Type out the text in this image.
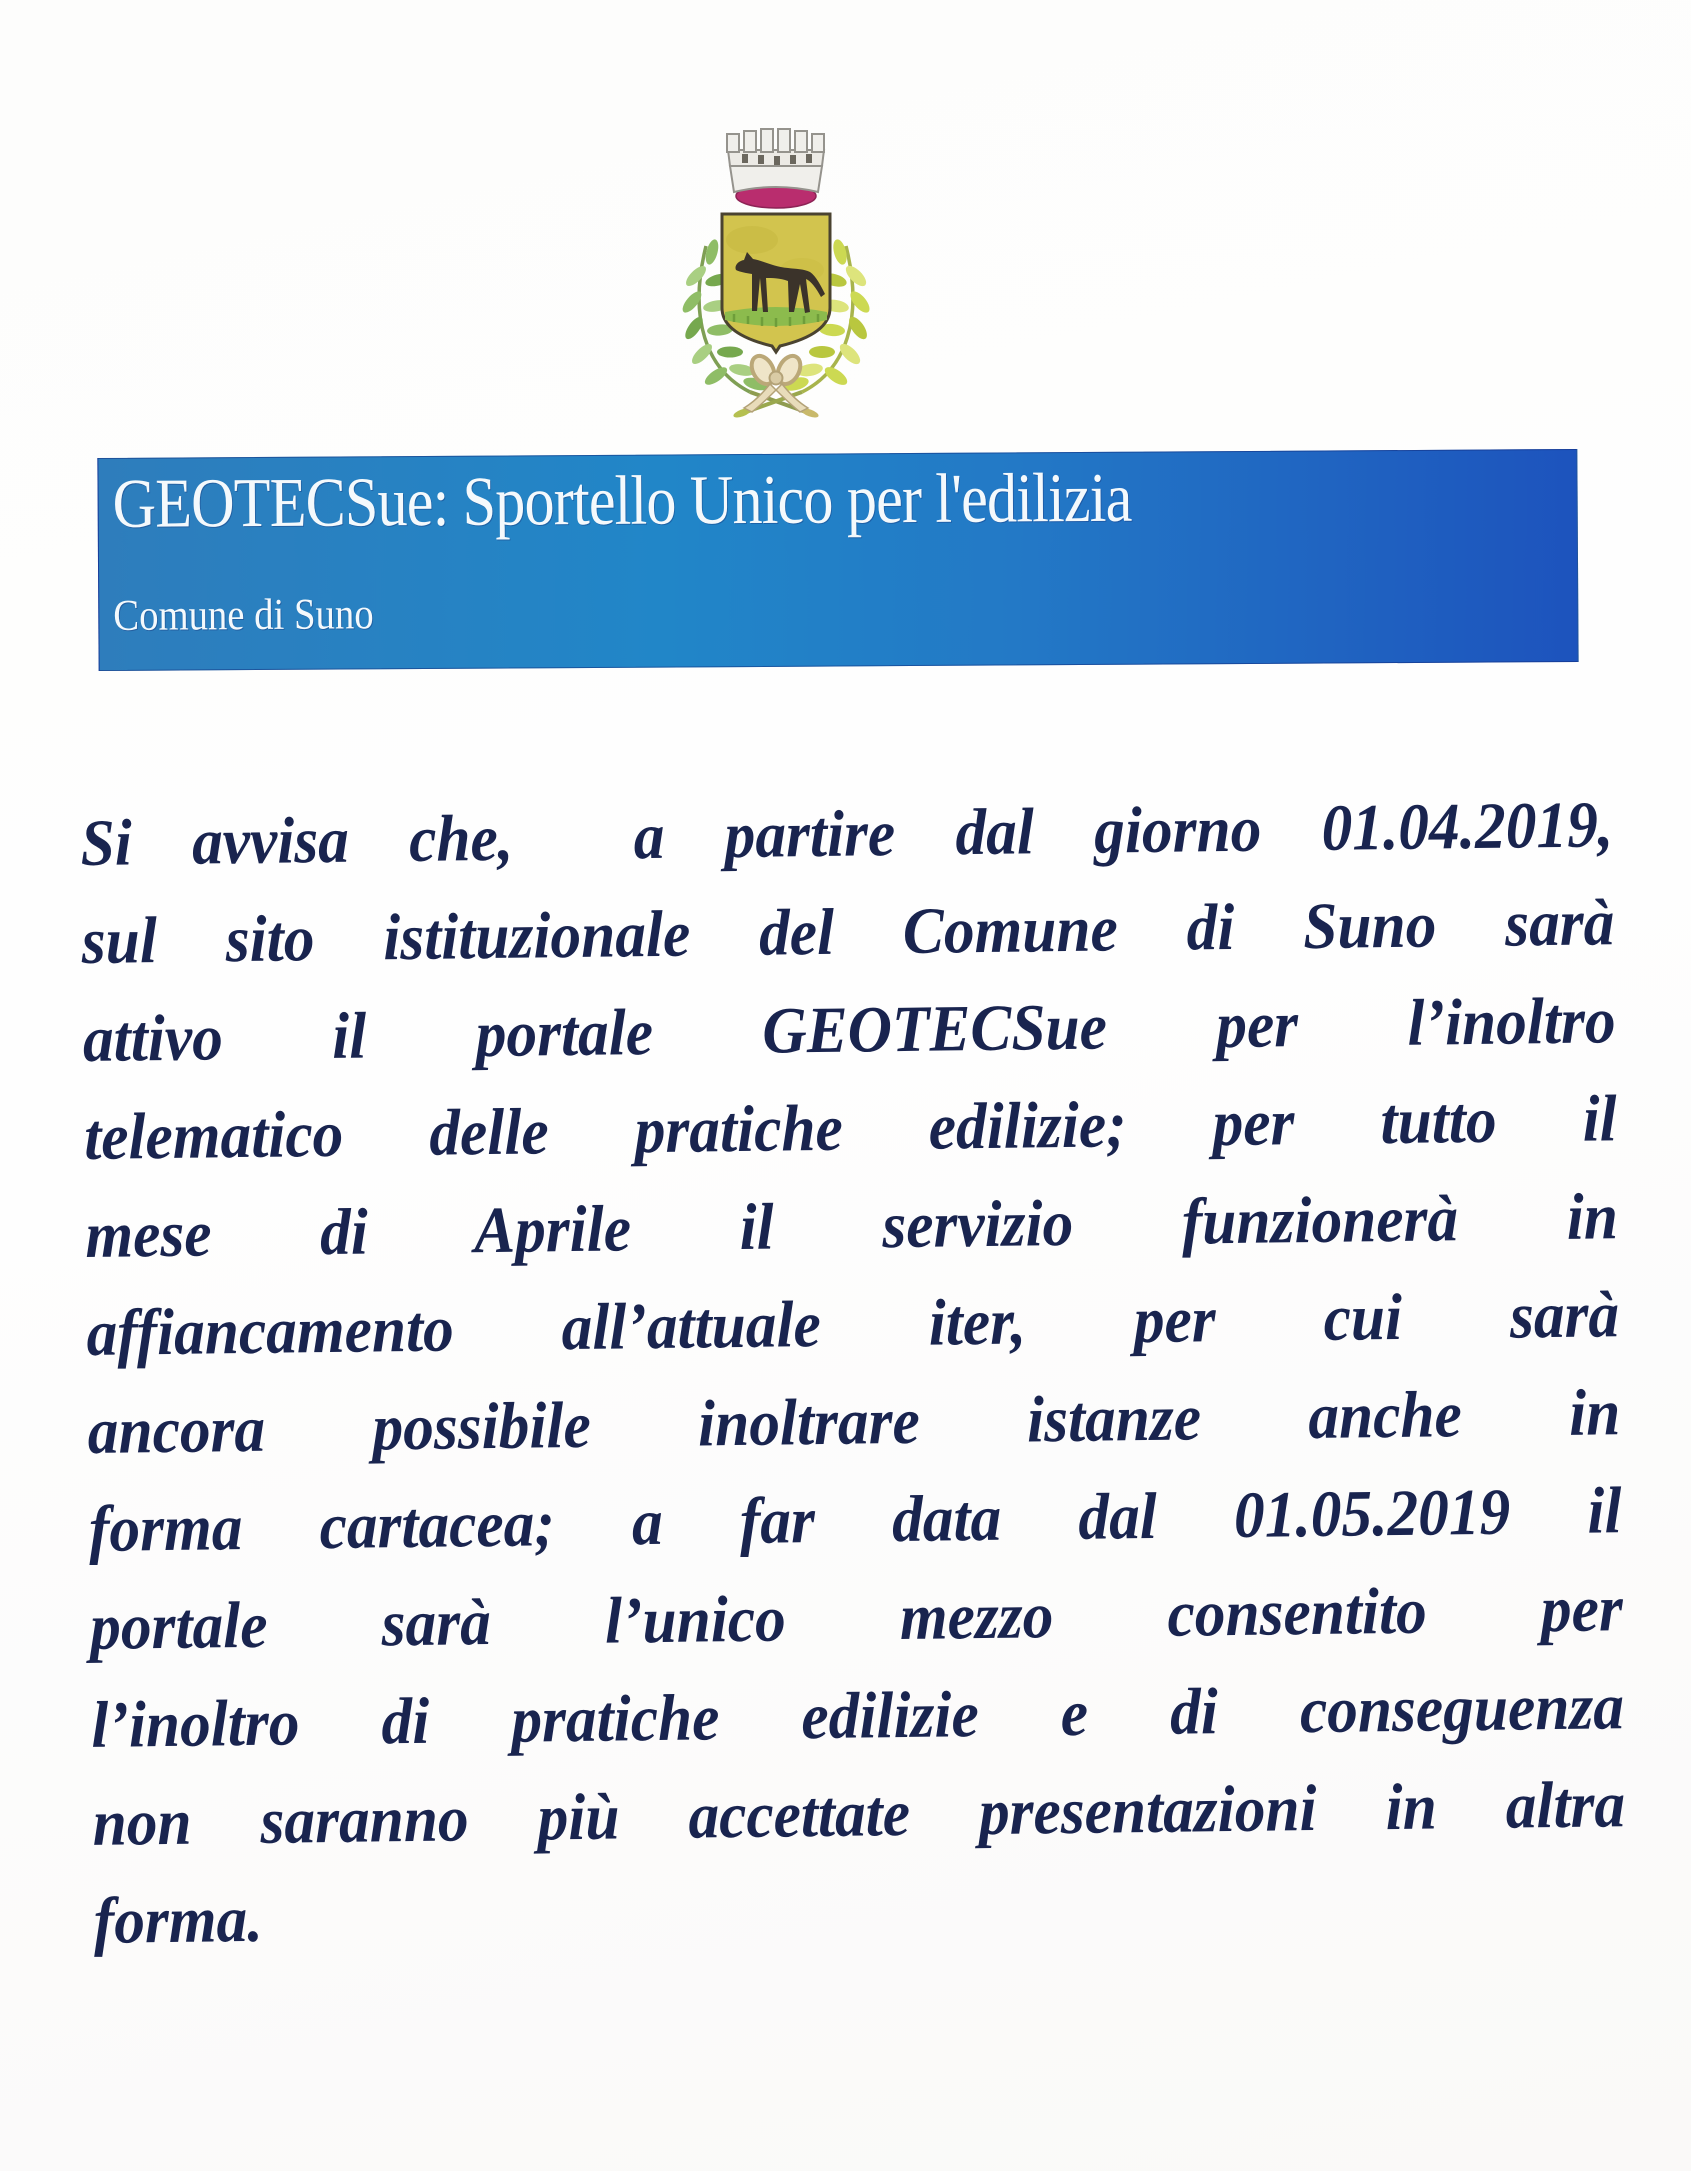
GEOTECSue: Sportello Unico per l'edilizia
Comune di Suno
Si avvisa che,  a partire dal giorno 01.04.2019,
sul sito istituzionale del Comune di Suno sarà
attivo il portale GEOTECSue per l’inoltro
telematico delle pratiche edilizie; per tutto il
mese di Aprile il servizio funzionerà in
affiancamento all’attuale iter, per cui sarà
ancora possibile inoltrare istanze anche in
forma cartacea; a far data dal 01.05.2019 il
portale sarà l’unico mezzo consentito per
l’inoltro di pratiche edilizie e di conseguenza
non saranno più accettate presentazioni in altra
forma.
